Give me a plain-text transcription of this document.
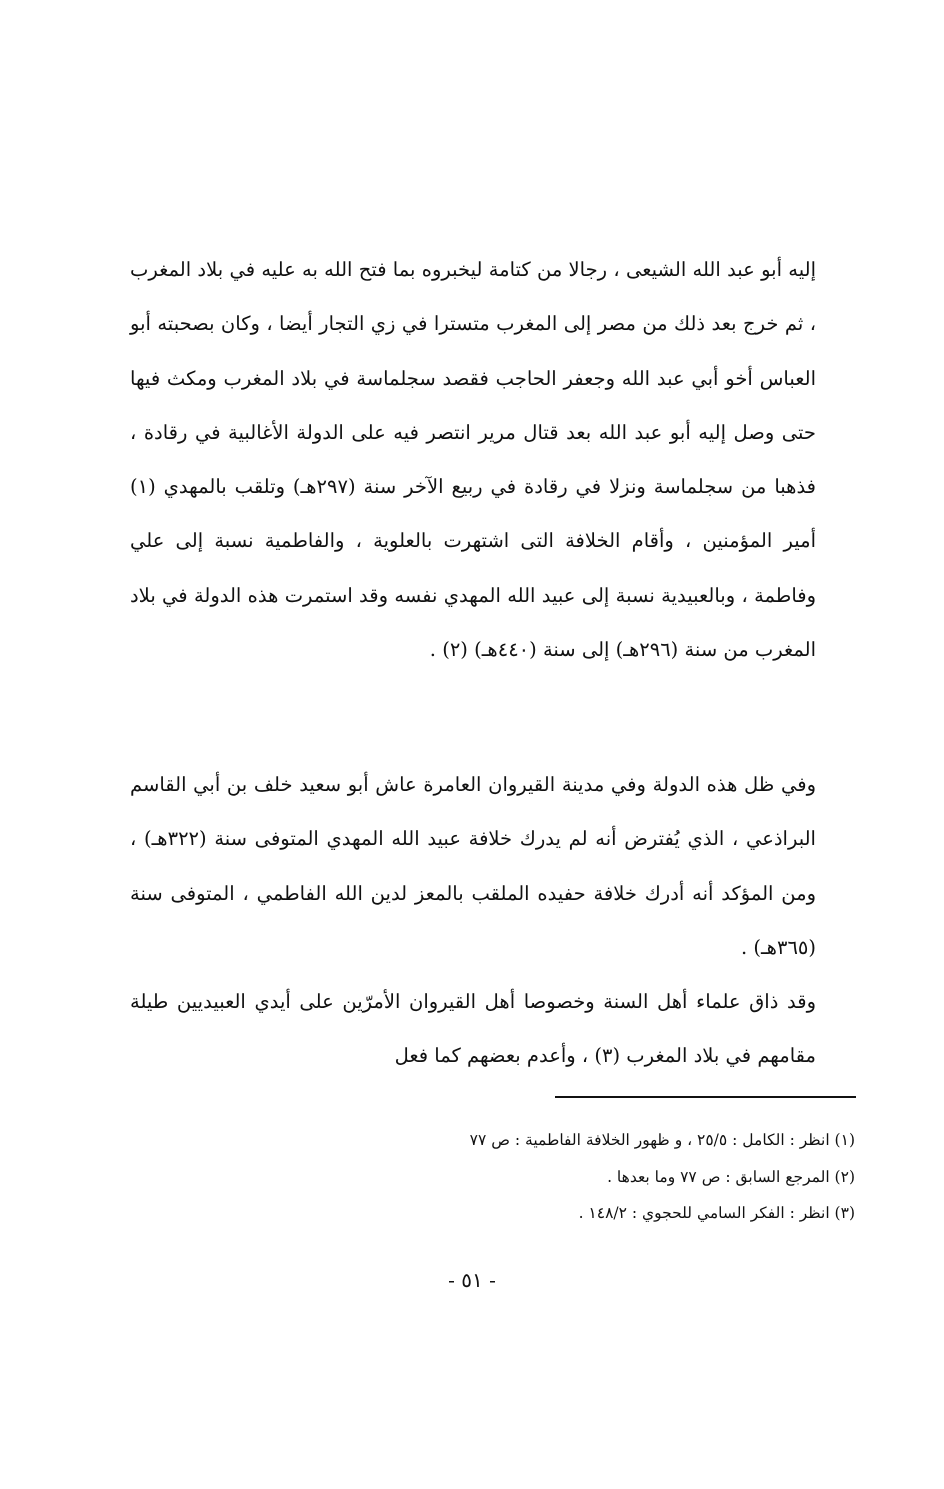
إليه أبو عبد الله الشيعى ، رجالا من كتامة ليخبروه بما فتح الله به عليه في بلاد المغرب ، ثم خرج بعد ذلك من مصر إلى المغرب متسترا في زي التجار أيضا ، وكان بصحبته أبو العباس أخو أبي عبد الله وجعفر الحاجب فقصد سجلماسة في بلاد المغرب ومكث فيها حتى وصل إليه أبو عبد الله بعد قتال مرير انتصر فيه على الدولة الأغالبية في رقادة ، فذهبا من سجلماسة ونزلا في رقادة في ربيع الآخر سنة (٢٩٧هـ) وتلقب بالمهدي (١) أمير المؤمنين ، وأقام الخلافة التى اشتهرت بالعلوية ، والفاطمية نسبة إلى علي وفاطمة ، وبالعبيدية نسبة إلى عبيد الله المهدي نفسه وقد استمرت هذه الدولة في بلاد المغرب من سنة (٢٩٦هـ) إلى سنة (٤٤٠هـ) (٢) .

وفي ظل هذه الدولة وفي مدينة القيروان العامرة عاش أبو سعيد خلف بن أبي القاسم البراذعي ، الذي يُفترض أنه لم يدرك خلافة عبيد الله المهدي المتوفى سنة (٣٢٢هـ) ، ومن المؤكد أنه أدرك خلافة حفيده الملقب بالمعز لدين الله الفاطمي ، المتوفى سنة (٣٦٥هـ) .

وقد ذاق علماء أهل السنة وخصوصا أهل القيروان الأمرّين على أيدي العبيديين طيلة مقامهم في بلاد المغرب (٣) ، وأعدم بعضهم كما فعل

(١) انظر : الكامل : ٢٥/٥ ، و ظهور الخلافة الفاطمية : ص ٧٧
(٢) المرجع السابق : ص ٧٧ وما بعدها .
(٣) انظر : الفكر السامي للحجوي : ١٤٨/٢ .
- ٥١ -
